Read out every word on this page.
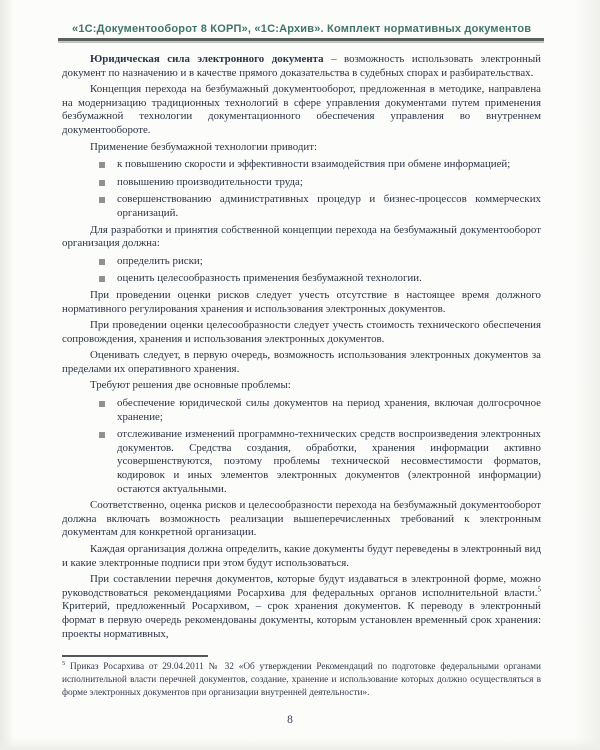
«1С:Документооборот 8 КОРП», «1С:Архив». Комплект нормативных документов

Юридическая сила электронного документа – возможность использовать электронный документ по назначению и в качестве прямого доказательства в судебных спорах и разбирательствах.

Концепция перехода на безбумажный документооборот, предложенная в методике, направлена на модернизацию традиционных технологий в сфере управления документами путем применения безбумажной технологии документационного обеспечения управления во внутреннем документообороте.

Применение безбумажной технологии приводит:

к повышению скорости и эффективности взаимодействия при обмене информацией;
повышению производительности труда;
совершенствованию административных процедур и бизнес-процессов коммерческих организаций.

Для разработки и принятия собственной концепции перехода на безбумажный документооборот организация должна:

определить риски;
оценить целесообразность применения безбумажной технологии.

При проведении оценки рисков следует учесть отсутствие в настоящее время должного нормативного регулирования хранения и использования электронных документов.

При проведении оценки целесообразности следует учесть стоимость технического обеспечения сопровождения, хранения и использования электронных документов.

Оценивать следует, в первую очередь, возможность использования электронных документов за пределами их оперативного хранения.

Требуют решения две основные проблемы:

обеспечение юридической силы документов на период хранения, включая долгосрочное хранение;
отслеживание изменений программно-технических средств воспроизведения электронных документов. Средства создания, обработки, хранения информации активно усовершенствуются, поэтому проблемы технической несовместимости форматов, кодировок и иных элементов электронных документов (электронной информации) остаются актуальными.

Соответственно, оценка рисков и целесообразности перехода на безбумажный документооборот должна включать возможность реализации вышеперечисленных требований к электронным документам для конкретной организации.

Каждая организация должна определить, какие документы будут переведены в электронный вид и какие электронные подписи при этом будут использоваться.

При составлении перечня документов, которые будут издаваться в электронной форме, можно руководствоваться рекомендациями Росархива для федеральных органов исполнительной власти.$^5$ Критерий, предложенный Росархивом, – срок хранения документов. К переводу в электронный формат в первую очередь рекомендованы документы, которым установлен временный срок хранения: проекты нормативных,

$^5$ Приказ Росархива от 29.04.2011 № 32 «Об утверждении Рекомендаций по подготовке федеральными органами исполнительной власти перечней документов, создание, хранение и использование которых должно осуществляться в форме электронных документов при организации внутренней деятельности».
8
